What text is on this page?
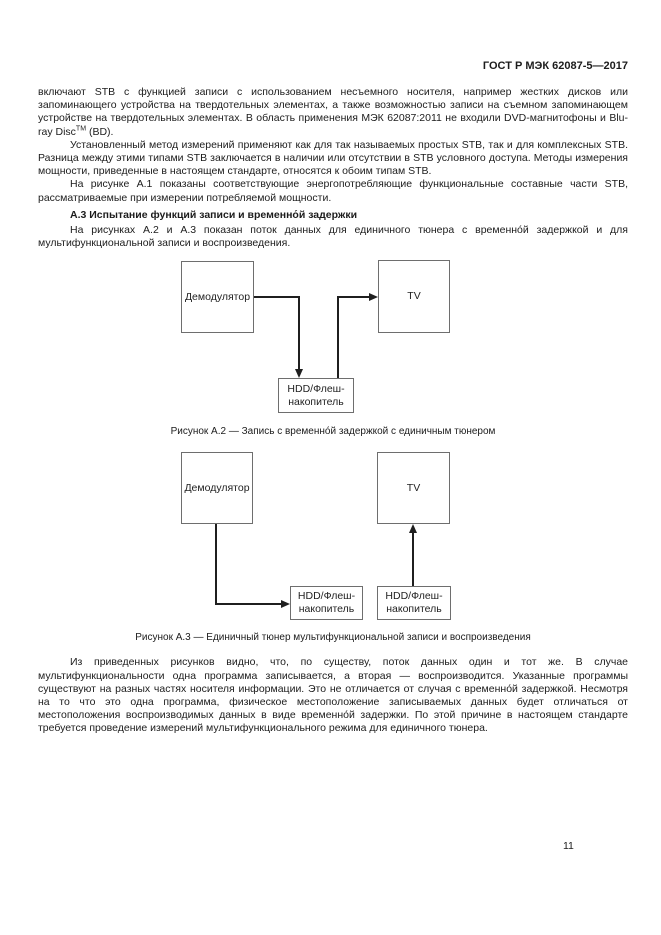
ГОСТ Р МЭК 62087-5—2017

включают STB с функцией записи с использованием несъемного носителя, например жестких дисков или запоминающего устройства на твердотельных элементах, а также возможностью записи на съемном запоминающем устройстве на твердотельных элементах. В область применения МЭК 62087:2011 не входили DVD-магнитофоны и Blu-ray Disc™ (BD).

Установленный метод измерений применяют как для так называемых простых STB, так и для комплексных STB. Разница между этими типами STB заключается в наличии или отсутствии в STB условного доступа. Методы измерения мощности, приведенные в настоящем стандарте, относятся к обоим типам STB.

На рисунке А.1 показаны соответствующие энергопотребляющие функциональные составные части STB, рассматриваемые при измерении потребляемой мощности.

А.3 Испытание функций записи и временно́й задержки

На рисунках А.2 и А.3 показан поток данных для единичного тюнера с временно́й задержкой и для мультифункциональной записи и воспроизведения.

Демодулятор	TV
HDD/Флеш-
накопитель

Рисунок А.2 — Запись с временно́й задержкой с единичным тюнером

Демодулятор	TV
HDD/Флеш-
накопитель
HDD/Флеш-
накопитель

Рисунок А.3 — Единичный тюнер мультифункциональной записи и воспроизведения

Из приведенных рисунков видно, что, по существу, поток данных один и тот же. В случае мультифункциональности одна программа записывается, а вторая — воспроизводится. Указанные программы существуют на разных частях носителя информации. Это не отличается от случая с временно́й задержкой. Несмотря на то что это одна программа, физическое местоположение записываемых данных будет отличаться от местоположения воспроизводимых данных в виде временно́й задержки. По этой причине в настоящем стандарте требуется проведение измерений мультифункционального режима для единичного тюнера.

11
